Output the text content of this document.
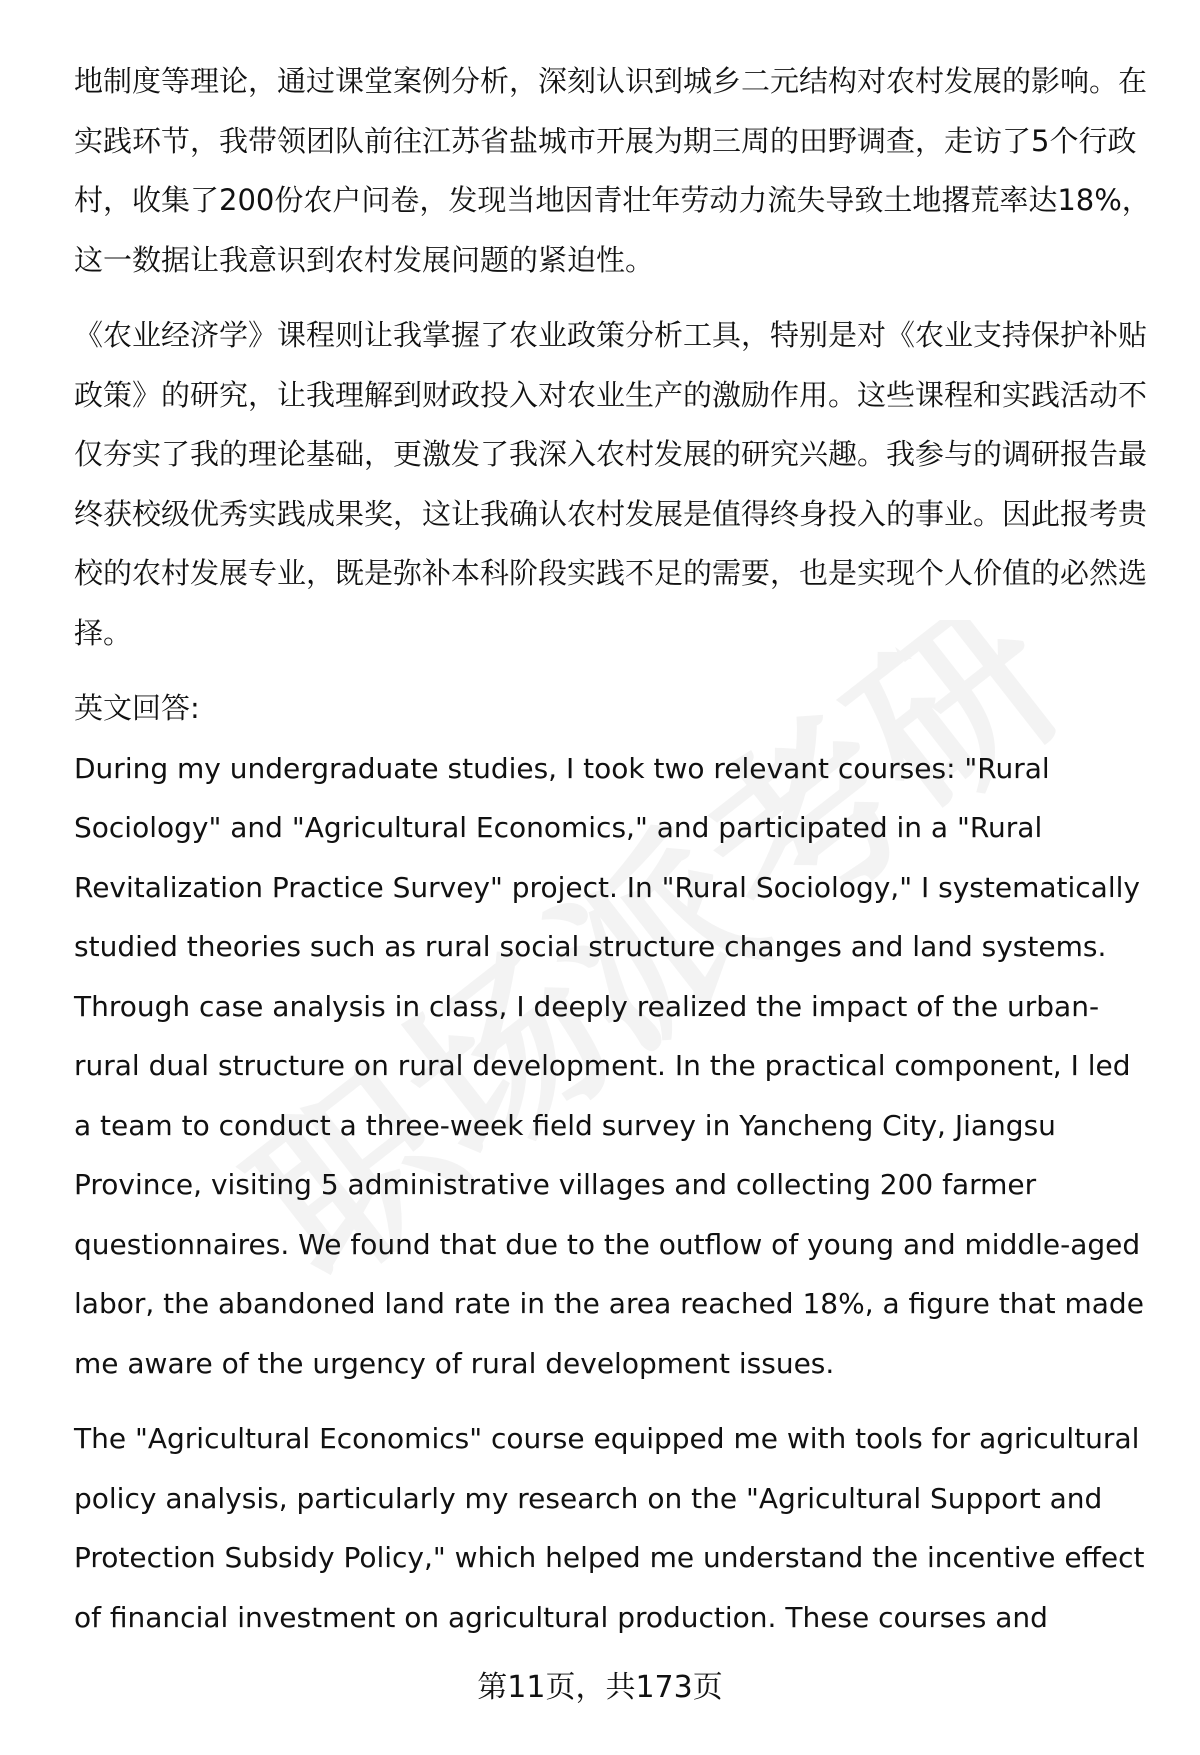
地制度等理论，通过课堂案例分析，深刻认识到城乡二元结构对农村发展的影响。在实践环节，我带领团队前往江苏省盐城市开展为期三周的田野调查，走访了5个行政村，收集了200份农户问卷，发现当地因青壮年劳动力流失导致土地撂荒率达18%，这一数据让我意识到农村发展问题的紧迫性。

《农业经济学》课程则让我掌握了农业政策分析工具，特别是对《农业支持保护补贴政策》的研究，让我理解到财政投入对农业生产的激励作用。这些课程和实践活动不仅夯实了我的理论基础，更激发了我深入农村发展的研究兴趣。我参与的调研报告最终获校级优秀实践成果奖，这让我确认农村发展是值得终身投入的事业。因此报考贵校的农村发展专业，既是弥补本科阶段实践不足的需要，也是实现个人价值的必然选择。

英文回答:

During my undergraduate studies, I took two relevant courses: "Rural Sociology" and "Agricultural Economics," and participated in a "Rural Revitalization Practice Survey" project. In "Rural Sociology," I systematically studied theories such as rural social structure changes and land systems. Through case analysis in class, I deeply realized the impact of the urban-rural dual structure on rural development. In the practical component, I led a team to conduct a three-week field survey in Yancheng City, Jiangsu Province, visiting 5 administrative villages and collecting 200 farmer questionnaires. We found that due to the outflow of young and middle-aged labor, the abandoned land rate in the area reached 18%, a figure that made me aware of the urgency of rural development issues.

The "Agricultural Economics" course equipped me with tools for agricultural policy analysis, particularly my research on the "Agricultural Support and Protection Subsidy Policy," which helped me understand the incentive effect of financial investment on agricultural production. These courses and

第11页，共173页
